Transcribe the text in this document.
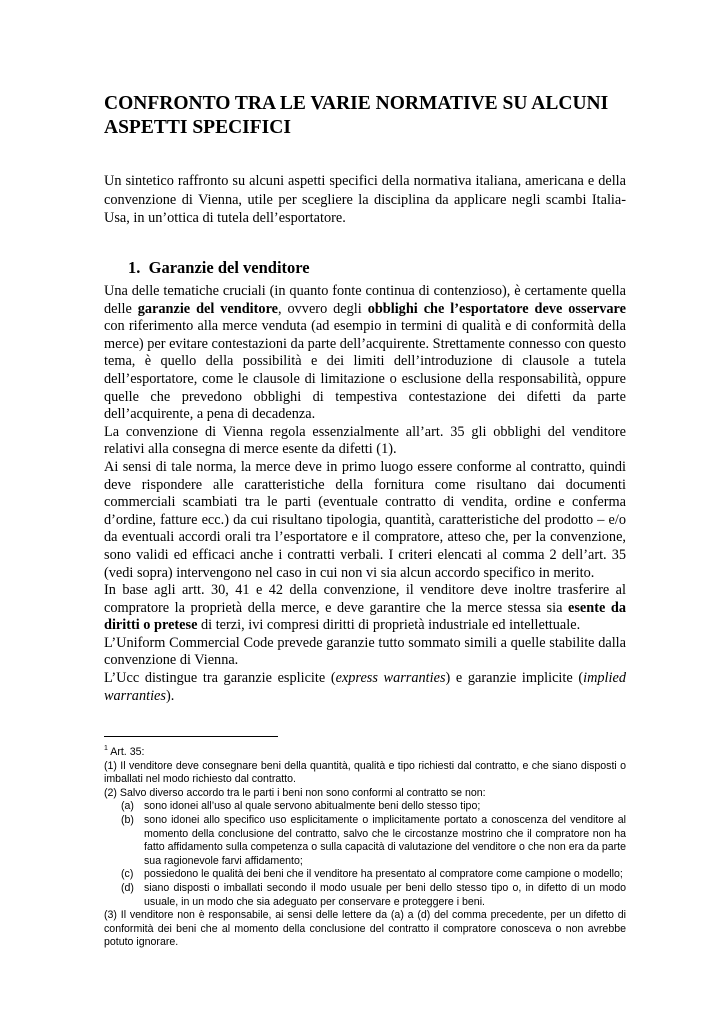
CONFRONTO TRA LE VARIE NORMATIVE SU ALCUNI ASPETTI SPECIFICI
Un sintetico raffronto su alcuni aspetti specifici della normativa italiana, americana e della convenzione di Vienna, utile per scegliere la disciplina da applicare negli scambi Italia-Usa, in un’ottica di tutela dell’esportatore.
1. Garanzie del venditore

Una delle tematiche cruciali (in quanto fonte continua di contenzioso), è certamente quella delle garanzie del venditore, ovvero degli obblighi che l’esportatore deve osservare con riferimento alla merce venduta (ad esempio in termini di qualità e di conformità della merce) per evitare contestazioni da parte dell’acquirente. Strettamente connesso con questo tema, è quello della possibilità e dei limiti dell’introduzione di clausole a tutela dell’esportatore, come le clausole di limitazione o esclusione della responsabilità, oppure quelle che prevedono obblighi di tempestiva contestazione dei difetti da parte dell’acquirente, a pena di decadenza.

La convenzione di Vienna regola essenzialmente all’art. 35 gli obblighi del venditore relativi alla consegna di merce esente da difetti (1).

Ai sensi di tale norma, la merce deve in primo luogo essere conforme al contratto, quindi deve rispondere alle caratteristiche della fornitura come risultano dai documenti commerciali scambiati tra le parti (eventuale contratto di vendita, ordine e conferma d’ordine, fatture ecc.) da cui risultano tipologia, quantità, caratteristiche del prodotto – e/o da eventuali accordi orali tra l’esportatore e il compratore, atteso che, per la convenzione, sono validi ed efficaci anche i contratti verbali. I criteri elencati al comma 2 dell’art. 35 (vedi sopra) intervengono nel caso in cui non vi sia alcun accordo specifico in merito.

In base agli artt. 30, 41 e 42 della convenzione, il venditore deve inoltre trasferire al compratore la proprietà della merce, e deve garantire che la merce stessa sia esente da diritti o pretese di terzi, ivi compresi diritti di proprietà industriale ed intellettuale.

L’Uniform Commercial Code prevede garanzie tutto sommato simili a quelle stabilite dalla convenzione di Vienna.

L’Ucc distingue tra garanzie esplicite (express warranties) e garanzie implicite (implied warranties).

$^1$ Art. 35:

(1) Il venditore deve consegnare beni della quantità, qualità e tipo richiesti dal contratto, e che siano disposti o imballati nel modo richiesto dal contratto.

(2) Salvo diverso accordo tra le parti i beni non sono conformi al contratto se non:

(a) sono idonei all’uso al quale servono abitualmente beni dello stesso tipo;
(b) sono idonei allo specifico uso esplicitamente o implicitamente portato a conoscenza del venditore al momento della conclusione del contratto, salvo che le circostanze mostrino che il compratore non ha fatto affidamento sulla competenza o sulla capacità di valutazione del venditore o che non era da parte sua ragionevole farvi affidamento;
(c)	possiedono le qualità dei beni che il venditore ha presentato al compratore come campione o modello;
(d) siano disposti o imballati secondo il modo usuale per beni dello stesso tipo o, in difetto di un modo usuale, in un modo che sia adeguato per conservare e proteggere i beni.

(3) Il venditore non è responsabile, ai sensi delle lettere da (a) a (d) del comma precedente, per un difetto di conformità dei beni che al momento della conclusione del contratto il compratore conosceva o non avrebbe potuto ignorare.
